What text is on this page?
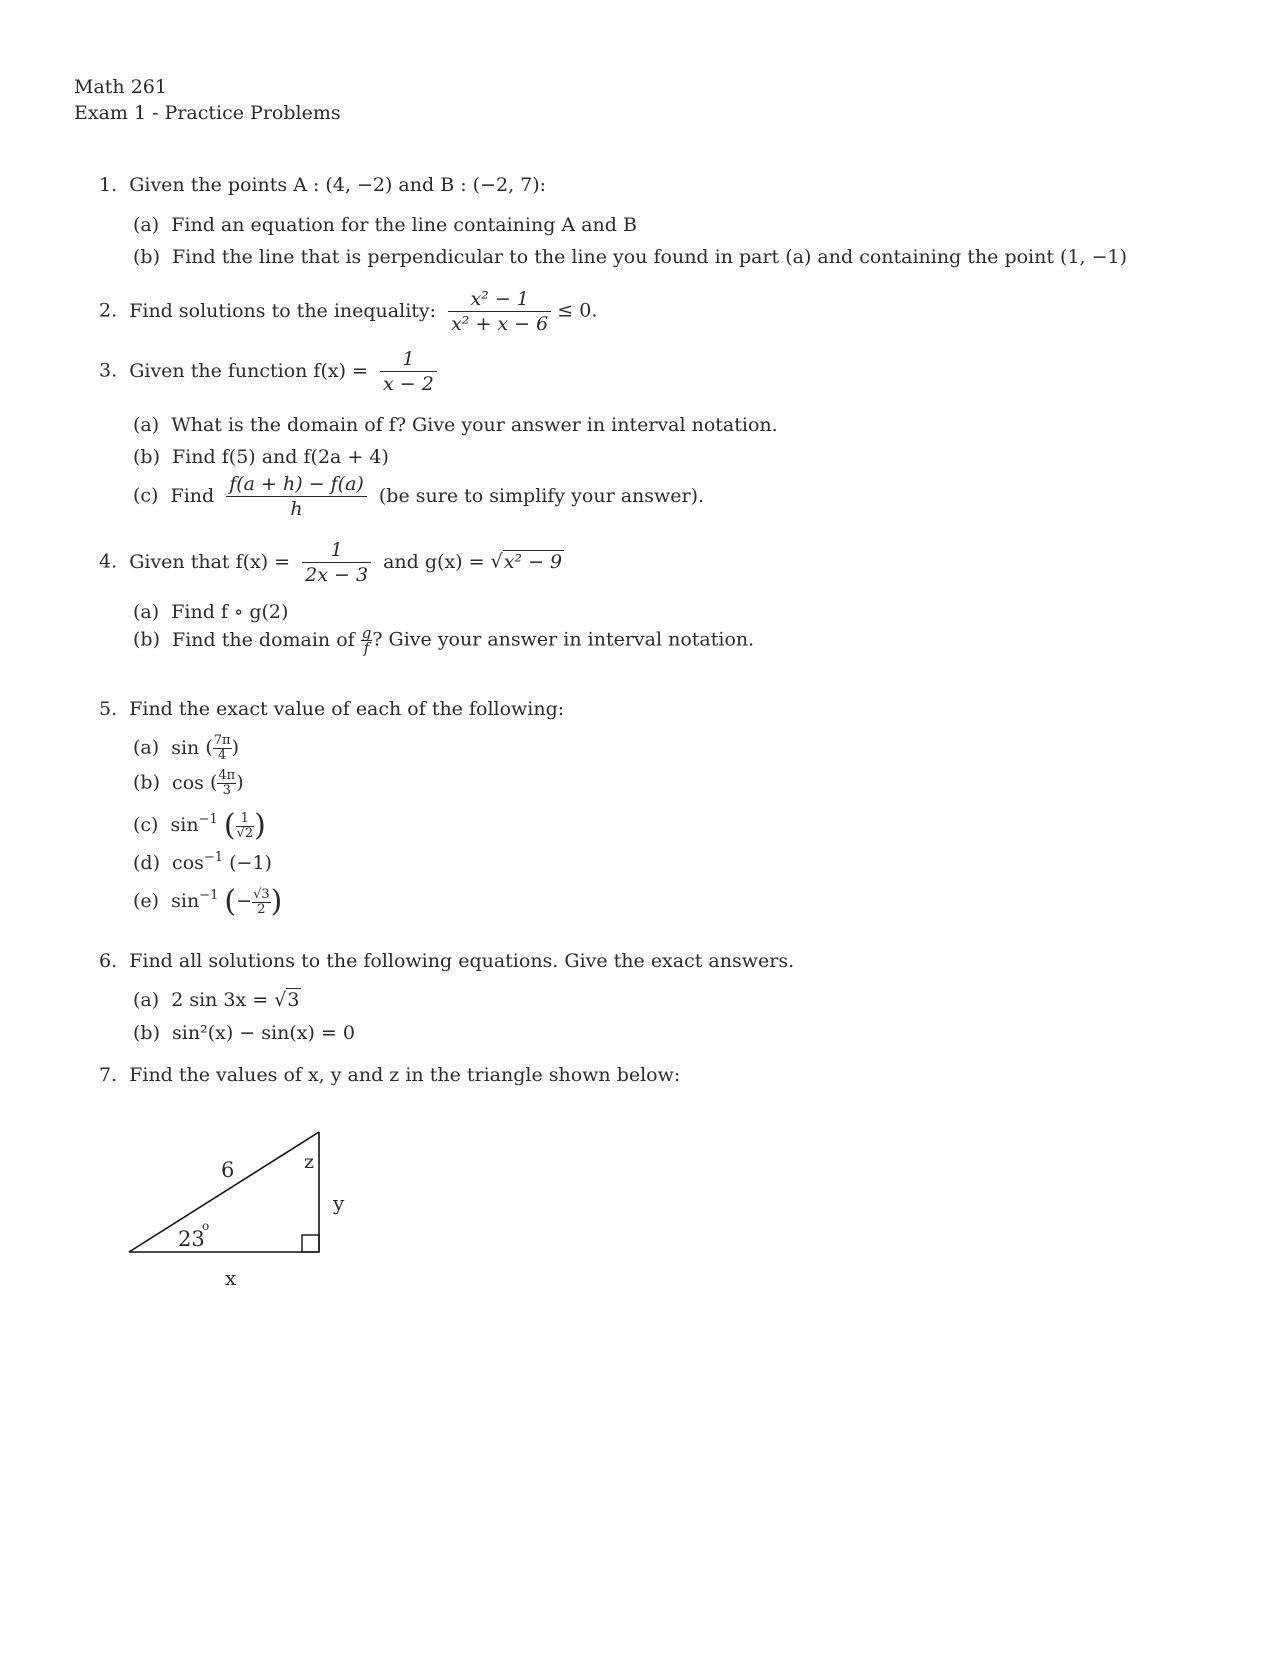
Math 261
Exam 1 - Practice Problems
1. Given the points A : (4, −2) and B : (−2, 7):
(a) Find an equation for the line containing A and B
(b) Find the line that is perpendicular to the line you found in part (a) and containing the point (1, −1)
2. Find solutions to the inequality: $\frac{\text{x² − 1}}{\text{x² + x − 6}} \le 0$.
3. Given the function $f(x) = \frac{1}{x - 2}$
(a) What is the domain of f? Give your answer in interval notation.
(b) Find f(5) and f(2a + 4)
(c) Find $\frac{f(a + h) - f(a)}{h} (be$ sure to simplify your answer).
4. Given that $f(x) = \frac{1}{2x - 3}$ and g(x) = √x² − 9
(a) Find f ∘ g(2)
(b) Find the domain of $\frac{g}{f}$ ? Give your answer in interval notation.
5. Find the exact value of each of the following:
(a) sin ( $\frac{7\pi}{4}$ )
(b) cos ( $\frac{4\pi}{3}$ )
(c) $\sin^{-1}$ ( $\frac{1}{√2}$ )
(d) $\cos^{-1} (-1)$
(e) $\sin^{-1}$ (− $\frac{√3}{2}$ )
6. Find all solutions to the following equations. Give the exact answers.
(a) 2 sin 3x = √3
(b) sin²(x) − sin(x) = 0
7. Find the values of x, y and z in the triangle shown below:
6
23
o
z
y
x
